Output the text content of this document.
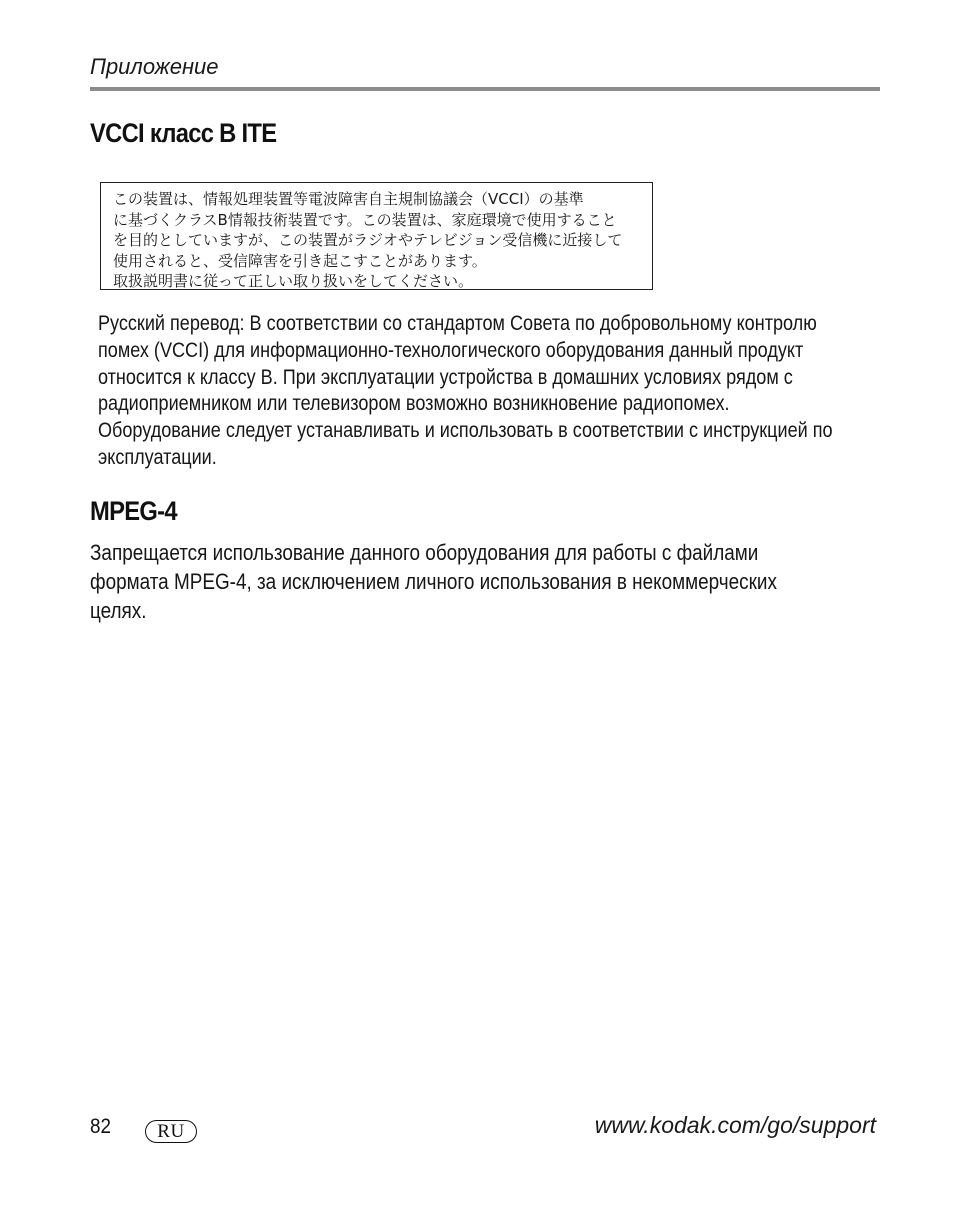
Приложение
VCCI класс B ITE
この装置は、情報処理装置等電波障害自主規制協議会（VCCI）の基準
に基づくクラスB情報技術装置です。この装置は、家庭環境で使用すること
を目的としていますが、この装置がラジオやテレビジョン受信機に近接して
使用されると、受信障害を引き起こすことがあります。
取扱説明書に従って正しい取り扱いをしてください。
Русский перевод: В соответствии со стандартом Совета по добровольному контролю
помех (VCCI) для информационно-технологического оборудования данный продукт
относится к классу B. При эксплуатации устройства в домашних условиях рядом с
радиоприемником или телевизором возможно возникновение радиопомех.
Оборудование следует устанавливать и использовать в соответствии с инструкцией по
эксплуатации.
MPEG-4
Запрещается использование данного оборудования для работы с файлами
формата MPEG-4, за исключением личного использования в некоммерческих
целях.
82	RU	www.kodak.com/go/support
